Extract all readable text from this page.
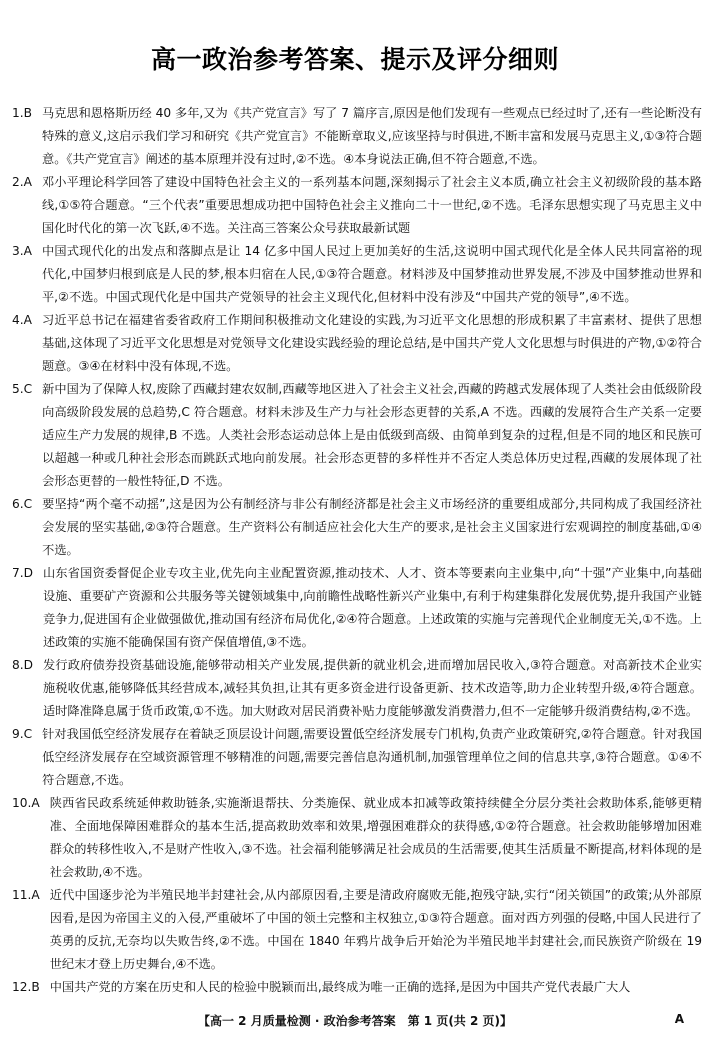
高一政治参考答案、提示及评分细则
1. B 马克思和恩格斯历经 40 多年,又为《共产党宣言》写了 7 篇序言,原因是他们发现有一些观点已经过时了,还有一些论断没有特殊的意义,这启示我们学习和研究《共产党宣言》不能断章取义,应该坚持与时俱进,不断丰富和发展马克思主义,①③符合题意。《共产党宣言》阐述的基本原理并没有过时,②不选。④本身说法正确,但不符合题意,不选。
2. A 邓小平理论科学回答了建设中国特色社会主义的一系列基本问题,深刻揭示了社会主义本质,确立社会主义初级阶段的基本路线,①⑤符合题意。“三个代表”重要思想成功把中国特色社会主义推向二十一世纪,②不选。毛泽东思想实现了马克思主义中国化时代化的第一次飞跃,④不选。关注高三答案公众号获取最新试题
3. A 中国式现代化的出发点和落脚点是让 14 亿多中国人民过上更加美好的生活,这说明中国式现代化是全体人民共同富裕的现代化,中国梦归根到底是人民的梦,根本归宿在人民,①③符合题意。材料涉及中国梦推动世界发展,不涉及中国梦推动世界和平,②不选。中国式现代化是中国共产党领导的社会主义现代化,但材料中没有涉及“中国共产党的领导”,④不选。
4. A 习近平总书记在福建省委省政府工作期间积极推动文化建设的实践,为习近平文化思想的形成积累了丰富素材、提供了思想基础,这体现了习近平文化思想是对党领导文化建设实践经验的理论总结,是中国共产党人文化思想与时俱进的产物,①②符合题意。③④在材料中没有体现,不选。
5. C 新中国为了保障人权,废除了西藏封建农奴制,西藏等地区进入了社会主义社会,西藏的跨越式发展体现了人类社会由低级阶段向高级阶段发展的总趋势,C 符合题意。材料未涉及生产力与社会形态更替的关系,A 不选。西藏的发展符合生产关系一定要适应生产力发展的规律,B 不选。人类社会形态运动总体上是由低级到高级、由简单到复杂的过程,但是不同的地区和民族可以超越一种或几种社会形态而跳跃式地向前发展。社会形态更替的多样性并不否定人类总体历史过程,西藏的发展体现了社会形态更替的一般性特征,D 不选。
6. C 要坚持“两个毫不动摇”,这是因为公有制经济与非公有制经济都是社会主义市场经济的重要组成部分,共同构成了我国经济社会发展的坚实基础,②③符合题意。生产资料公有制适应社会化大生产的要求,是社会主义国家进行宏观调控的制度基础,①④不选。
7. D 山东省国资委督促企业专攻主业,优先向主业配置资源,推动技术、人才、资本等要素向主业集中,向“十强”产业集中,向基础设施、重要矿产资源和公共服务等关键领域集中,向前瞻性战略性新兴产业集中,有利于构建集群化发展优势,提升我国产业链竞争力,促进国有企业做强做优,推动国有经济布局优化,②④符合题意。上述政策的实施与完善现代企业制度无关,①不选。上述政策的实施不能确保国有资产保值增值,③不选。
8. D 发行政府债券投资基础设施,能够带动相关产业发展,提供新的就业机会,进而增加居民收入,③符合题意。对高新技术企业实施税收优惠,能够降低其经营成本,减轻其负担,让其有更多资金进行设备更新、技术改造等,助力企业转型升级,④符合题意。适时降准降息属于货币政策,①不选。加大财政对居民消费补贴力度能够激发消费潜力,但不一定能够升级消费结构,②不选。
9. C 针对我国低空经济发展存在着缺乏顶层设计问题,需要设置低空经济发展专门机构,负责产业政策研究,②符合题意。针对我国低空经济发展存在空域资源管理不够精准的问题,需要完善信息沟通机制,加强管理单位之间的信息共享,③符合题意。①④不符合题意,不选。
10. A 陕西省民政系统延伸救助链条,实施渐退帮扶、分类施保、就业成本扣减等政策持续健全分层分类社会救助体系,能够更精准、全面地保障困难群众的基本生活,提高救助效率和效果,增强困难群众的获得感,①②符合题意。社会救助能够增加困难群众的转移性收入,不是财产性收入,③不选。社会福利能够满足社会成员的生活需要,使其生活质量不断提高,材料体现的是社会救助,④不选。
11. A 近代中国逐步沦为半殖民地半封建社会,从内部原因看,主要是清政府腐败无能,抱残守缺,实行“闭关锁国”的政策;从外部原因看,是因为帝国主义的入侵,严重破坏了中国的领土完整和主权独立,①③符合题意。面对西方列强的侵略,中国人民进行了英勇的反抗,无奈均以失败告终,②不选。中国在 1840 年鸦片战争后开始沦为半殖民地半封建社会,而民族资产阶级在 19 世纪末才登上历史舞台,④不选。
12. B 中国共产党的方案在历史和人民的检验中脱颖而出,最终成为唯一正确的选择,是因为中国共产党代表最广大人
【高一 2 月质量检测 · 政治参考答案　第 1 页(共 2 页)】	A
